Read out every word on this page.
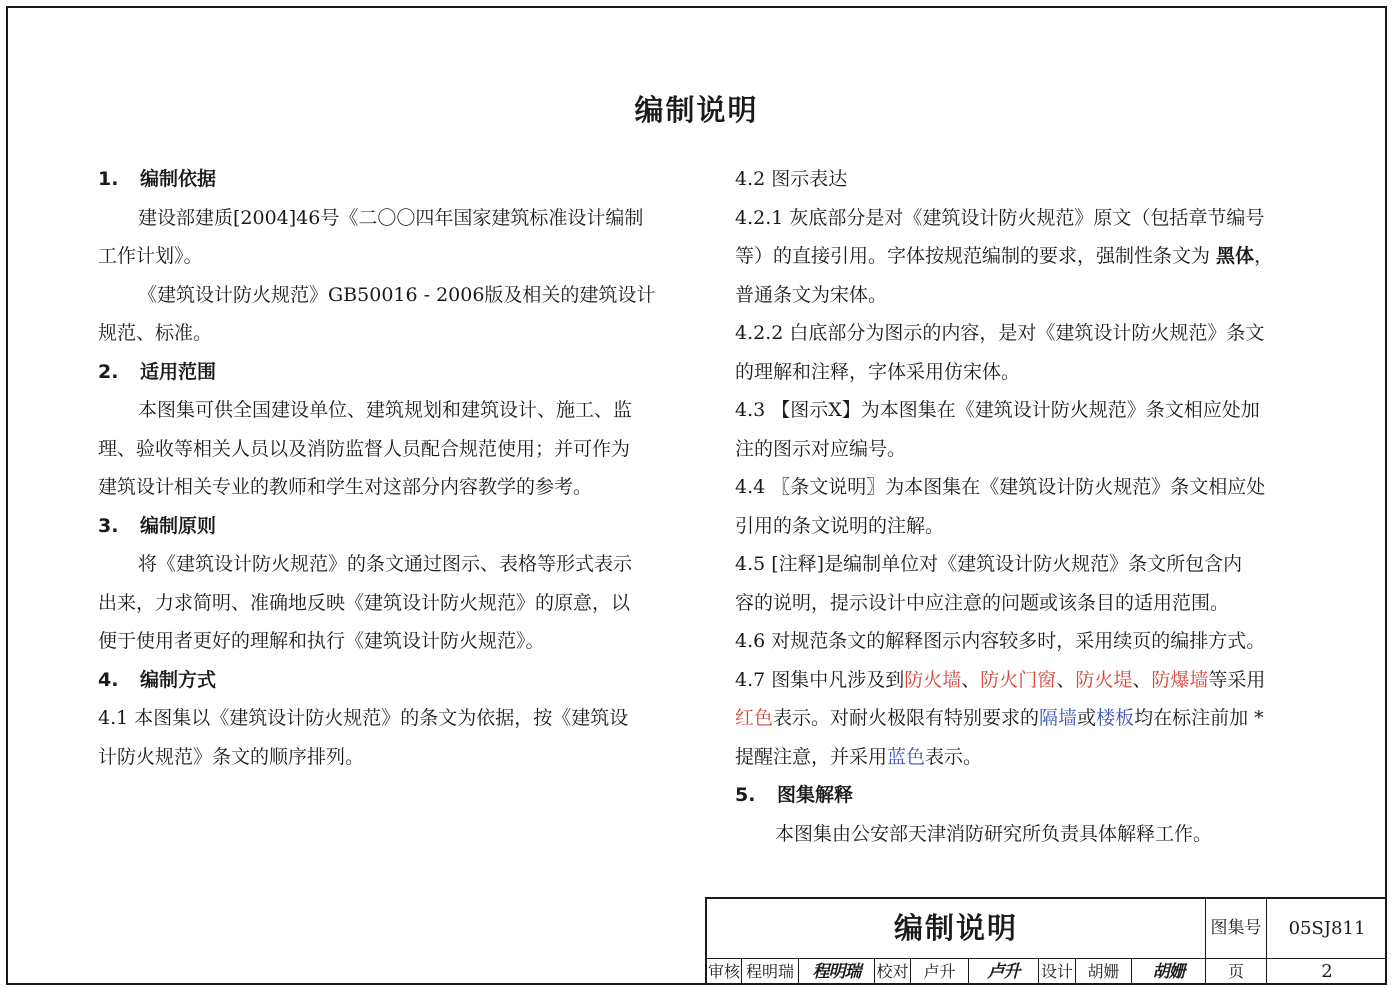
编制说明
1. 编制依据
建设部建质[2004]46号《二〇〇四年国家建筑标准设计编制
工作计划》。
《建筑设计防火规范》GB50016 - 2006版及相关的建筑设计
规范、标准。
2. 适用范围
本图集可供全国建设单位、建筑规划和建筑设计、施工、监
理、验收等相关人员以及消防监督人员配合规范使用；并可作为
建筑设计相关专业的教师和学生对这部分内容教学的参考。
3. 编制原则
将《建筑设计防火规范》的条文通过图示、表格等形式表示
出来，力求简明、准确地反映《建筑设计防火规范》的原意，以
便于使用者更好的理解和执行《建筑设计防火规范》。
4. 编制方式
4.1 本图集以《建筑设计防火规范》的条文为依据，按《建筑设
计防火规范》条文的顺序排列。
4.2 图示表达
4.2.1 灰底部分是对《建筑设计防火规范》原文（包括章节编号
等）的直接引用。字体按规范编制的要求，强制性条文为 黑体，
普通条文为宋体。
4.2.2 白底部分为图示的内容，是对《建筑设计防火规范》条文
的理解和注释，字体采用仿宋体。
4.3 【图示X】为本图集在《建筑设计防火规范》条文相应处加
注的图示对应编号。
4.4 〖条文说明〗为本图集在《建筑设计防火规范》条文相应处
引用的条文说明的注解。
4.5 [注释]是编制单位对《建筑设计防火规范》条文所包含内
容的说明，提示设计中应注意的问题或该条目的适用范围。
4.6 对规范条文的解释图示内容较多时，采用续页的编排方式。
4.7 图集中凡涉及到防火墙、防火门窗、防火堤、防爆墙等采用
红色表示。对耐火极限有特别要求的隔墙或楼板均在标注前加 *
提醒注意，并采用蓝色表示。
5. 图集解释
本图集由公安部天津消防研究所负责具体解释工作。
编制说明	图集号	05SJ811
审核 程明瑞	程明瑞 校对 卢升	卢升	设计 胡姗	胡姗	页	2
